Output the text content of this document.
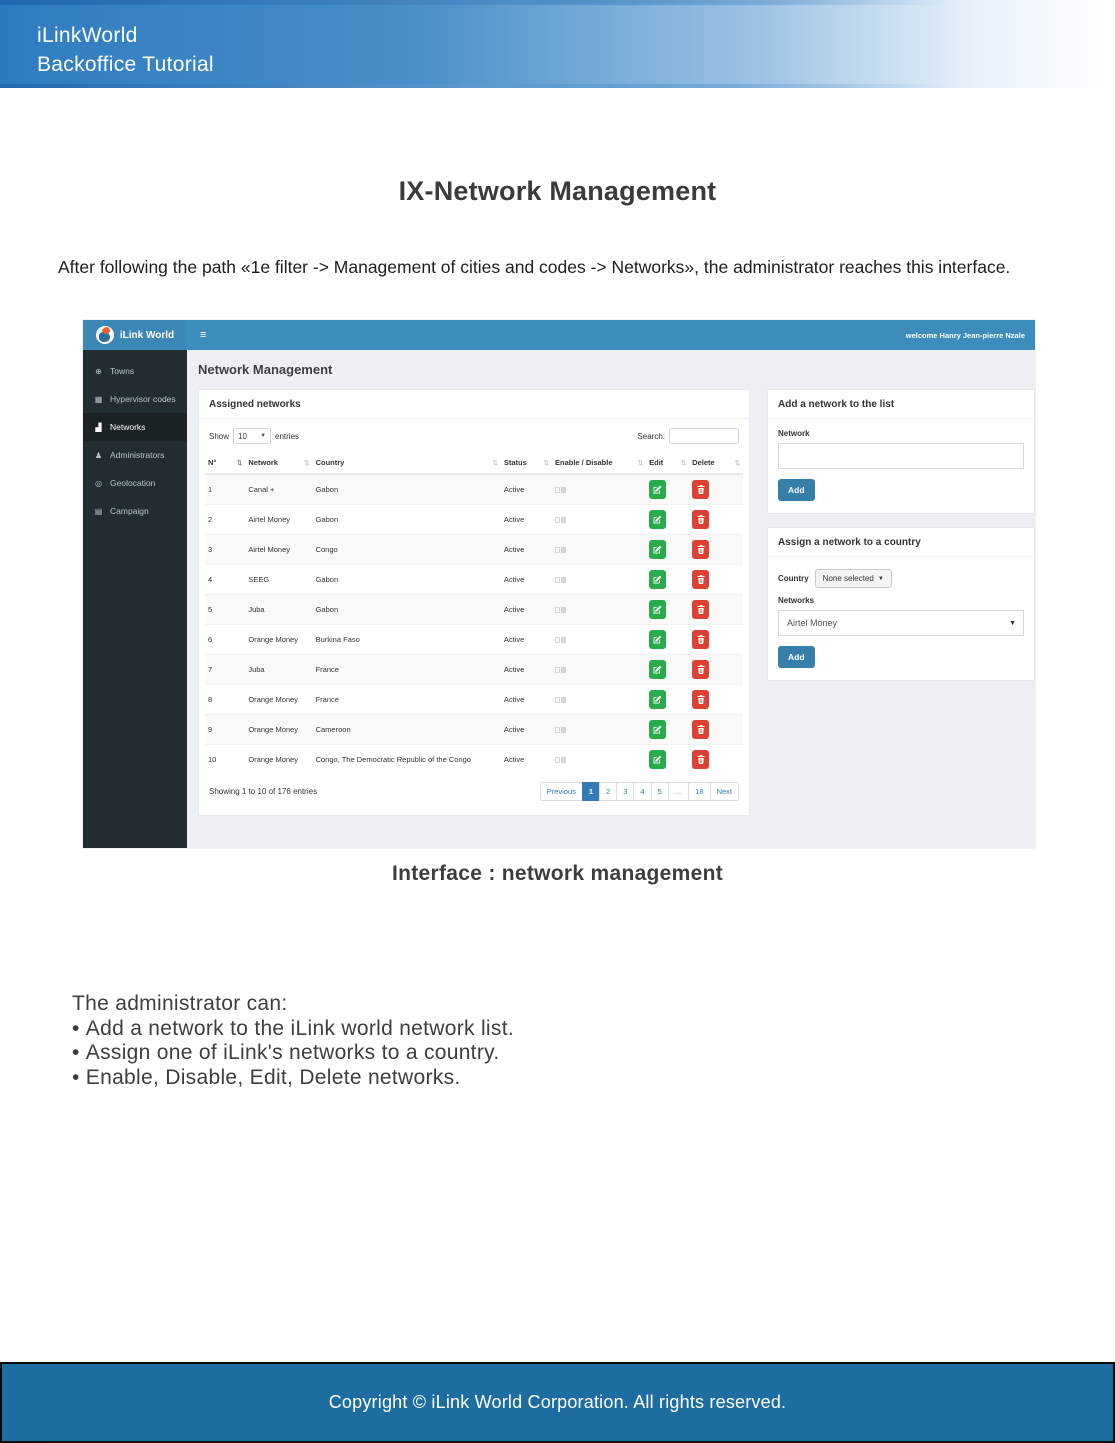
iLinkWorld
Backoffice Tutorial
IX-Network Management

After following the path «1e filter -> Management of cities and codes -> Networks», the administrator reaches this interface.

iLink World ≡	welcome Hanry Jean-pierre Nzale
⊕ Towns
▦ Hypervisor codes
▟ Networks
♟ Administrators
◎ Geolocation
▤ Campaign
Network Management
Assigned networks
Show 10 ▼ entries	Search:
N° ⇅	Network ⇅	Country ⇅	Status ⇅	Enable / Disable ⇅	Edit ⇅	Delete ⇅

1	Canal +	Gabon	Active	

2	Airtel Money	Gabon	Active	

3	Airtel Money	Congo	Active	

4	SEEG	Gabon	Active	

5	Juba	Gabon	Active	

6	Orange Money	Burkina Faso	Active	

7	Juba	France	Active	

8	Orange Money	France	Active	

9	Orange Money	Cameroon	Active	

10	Orange Money	Congo, The Democratic Republic of the Congo	Active	

Showing 1 to 10 of 176 entries	Previous	1	2	3	4	5	…	18	Next
Add a network to the list
Network
Add
Assign a network to a country
Country None selected ▼
Networks
Airtel Money	▼
Add
Interface : network management
The administrator can:
• Add a network to the iLink world network list.
• Assign one of iLink's networks to a country.
• Enable, Disable, Edit, Delete networks.
Copyright © iLink World Corporation. All rights reserved.
